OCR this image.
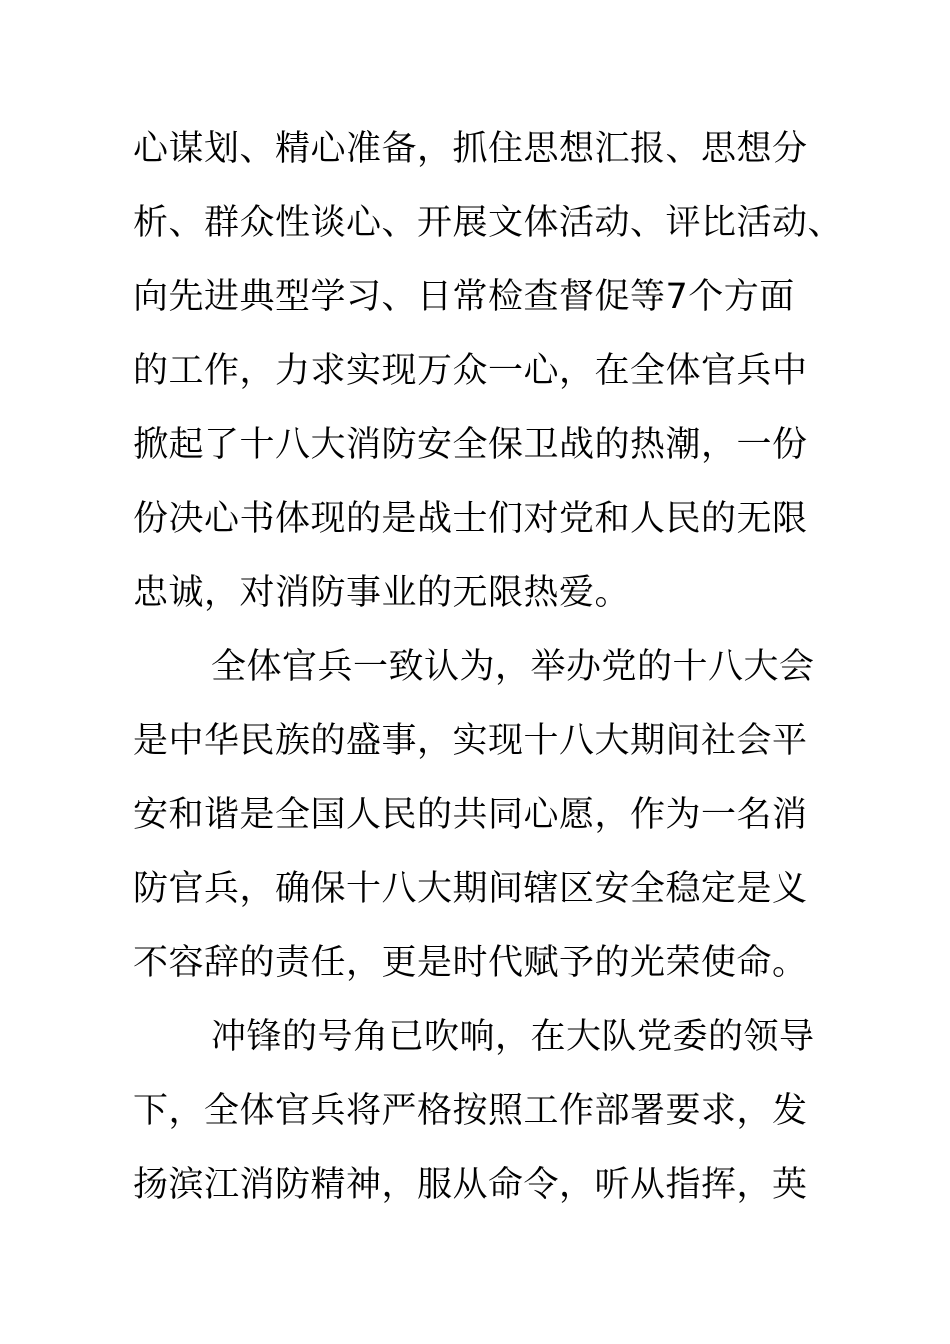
心谋划、精心准备，抓住思想汇报、思想分
析、群众性谈心、开展文体活动、评比活动、
向先进典型学习、日常检查督促等7个方面
的工作，力求实现万众一心，在全体官兵中
掀起了十八大消防安全保卫战的热潮，一份
份决心书体现的是战士们对党和人民的无限
忠诚，对消防事业的无限热爱。
全体官兵一致认为，举办党的十八大会
是中华民族的盛事，实现十八大期间社会平
安和谐是全国人民的共同心愿，作为一名消
防官兵，确保十八大期间辖区安全稳定是义
不容辞的责任，更是时代赋予的光荣使命。
冲锋的号角已吹响，在大队党委的领导
下，全体官兵将严格按照工作部署要求，发
扬滨江消防精神，服从命令，听从指挥，英
